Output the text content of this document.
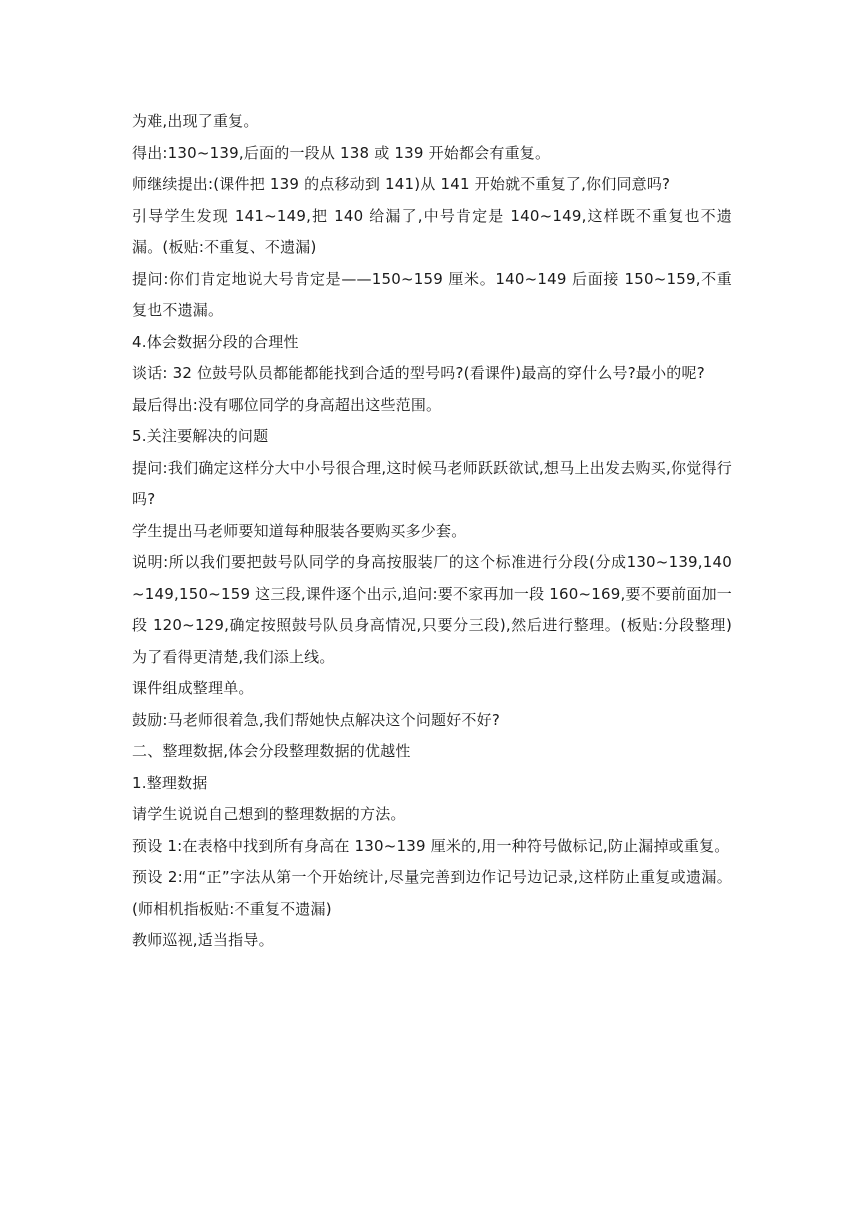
为难,出现了重复。

得出:130~139,后面的一段从 138 或 139 开始都会有重复。

师继续提出:(课件把 139 的点移动到 141)从 141 开始就不重复了,你们同意吗?

引导学生发现 141~149,把 140 给漏了,中号肯定是 140~149,这样既不重复也不遗漏。(板贴:不重复、不遗漏)

提问:你们肯定地说大号肯定是——150~159 厘米。140~149 后面接 150~159,不重复也不遗漏。

4.体会数据分段的合理性

谈话: 32 位鼓号队员都能都能找到合适的型号吗?(看课件)最高的穿什么号?最小的呢?

最后得出:没有哪位同学的身高超出这些范围。

5.关注要解决的问题

提问:我们确定这样分大中小号很合理,这时候马老师跃跃欲试,想马上出发去购买,你觉得行吗?

学生提出马老师要知道每种服装各要购买多少套。

说明:所以我们要把鼓号队同学的身高按服装厂的这个标准进行分段(分成130~139,140~149,150~159 这三段,课件逐个出示,追问:要不家再加一段 160~169,要不要前面加一段 120~129,确定按照鼓号队员身高情况,只要分三段),然后进行整理。(板贴:分段整理)为了看得更清楚,我们添上线。

课件组成整理单。

鼓励:马老师很着急,我们帮她快点解决这个问题好不好?

二、整理数据,体会分段整理数据的优越性

1.整理数据

请学生说说自己想到的整理数据的方法。

预设 1:在表格中找到所有身高在 130~139 厘米的,用一种符号做标记,防止漏掉或重复。

预设 2:用“正”字法从第一个开始统计,尽量完善到边作记号边记录,这样防止重复或遗漏。(师相机指板贴:不重复不遗漏)

教师巡视,适当指导。
